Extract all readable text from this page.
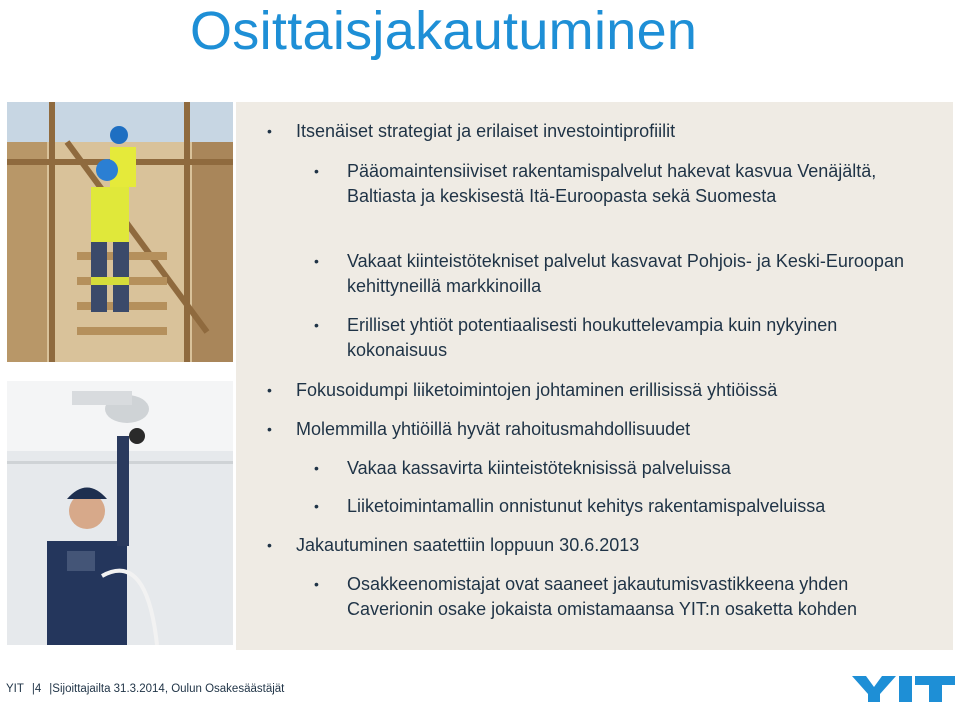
Osittaisjakautuminen
• Itsenäiset strategiat ja erilaiset investointiprofiilit
• Pääomaintensiiviset rakentamispalvelut hakevat kasvua Venäjältä, Baltiasta ja keskisestä Itä-Euroopasta sekä Suomesta
• Vakaat kiinteistötekniset palvelut kasvavat Pohjois- ja Keski-Euroopan kehittyneillä markkinoilla
• Erilliset yhtiöt potentiaalisesti houkuttelevampia kuin nykyinen kokonaisuus
• Fokusoidumpi liiketoimintojen johtaminen erillisissä yhtiöissä
• Molemmilla yhtiöillä hyvät rahoitusmahdollisuudet
• Vakaa kassavirta kiinteistöteknisissä palveluissa
• Liiketoimintamallin onnistunut kehitys rakentamispalveluissa
• Jakautuminen saatettiin loppuun 30.6.2013
• Osakkeenomistajat ovat saaneet jakautumisvastikkeena yhden Caverionin osake jokaista omistamaansa YIT:n osaketta kohden
YIT |4 |Sijoittajailta 31.3.2014, Oulun Osakesäästäjät
